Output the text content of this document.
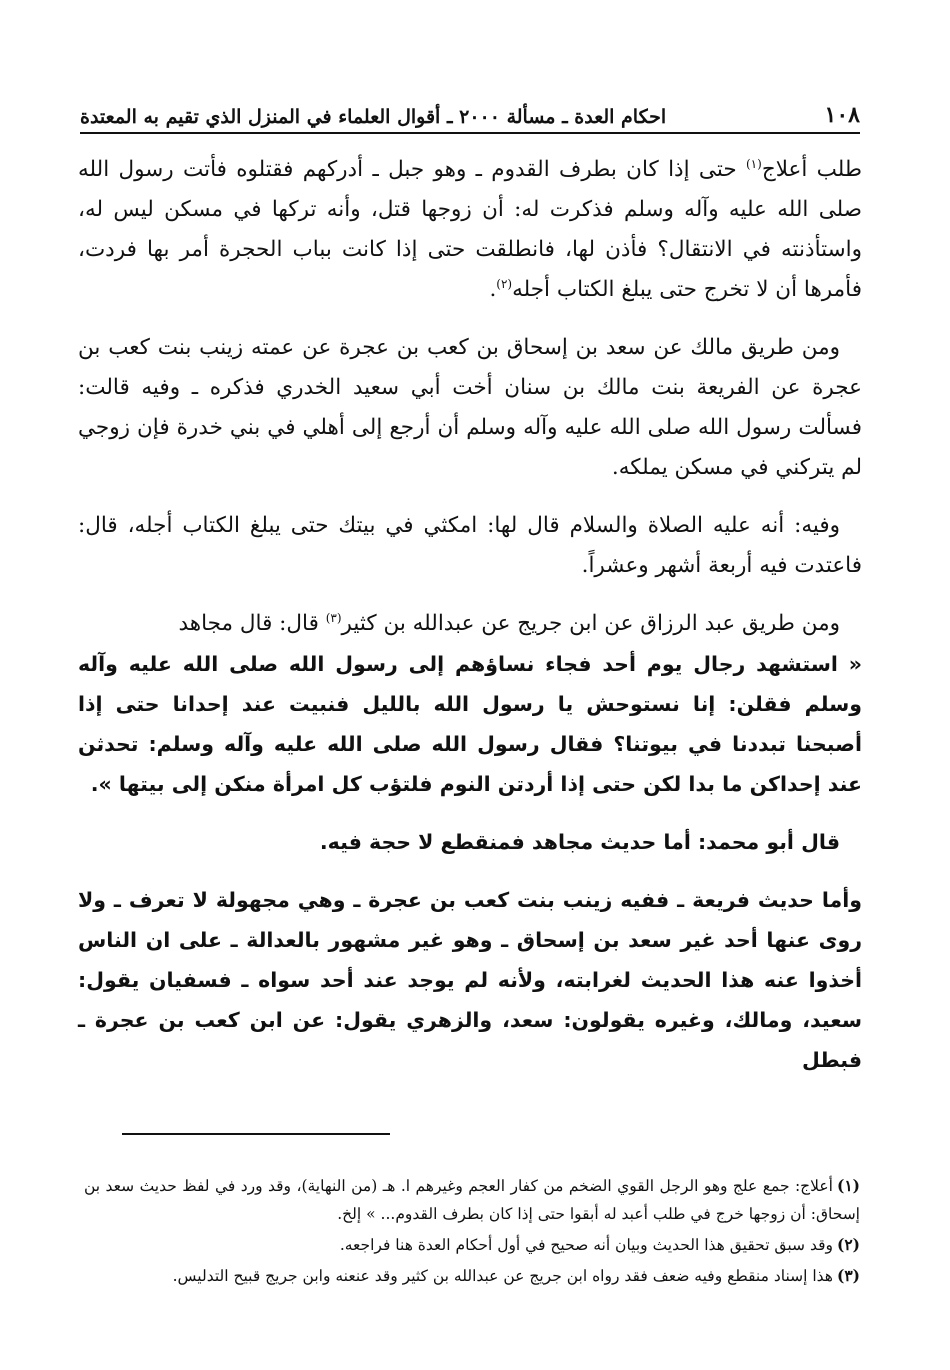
١٠٨
احكام العدة ـ مسألة ٢٠٠٠ ـ أقوال العلماء في المنزل الذي تقيم به المعتدة

طلب أعلاج$^{(١)}$ حتى إذا كان بطرف القدوم ـ وهو جبل ـ أدركهم فقتلوه فأتت رسول الله صلى الله عليه وآله وسلم فذكرت له: أن زوجها قتل، وأنه تركها في مسكن ليس له، واستأذنته في الانتقال؟ فأذن لها، فانطلقت حتى إذا كانت بباب الحجرة أمر بها فردت، فأمرها أن لا تخرج حتى يبلغ الكتاب أجله$^{(٢)}$.

ومن طريق مالك عن سعد بن إسحاق بن كعب بن عجرة عن عمته زينب بنت كعب بن عجرة عن الفريعة بنت مالك بن سنان أخت أبي سعيد الخدري فذكره ـ وفيه قالت: فسألت رسول الله صلى الله عليه وآله وسلم أن أرجع إلى أهلي في بني خدرة فإن زوجي لم يتركني في مسكن يملكه.

وفيه: أنه عليه الصلاة والسلام قال لها: امكثي في بيتك حتى يبلغ الكتاب أجله، قال: فاعتدت فيه أربعة أشهر وعشراً.

ومن طريق عبد الرزاق عن ابن جريج عن عبدالله بن كثير$^{(٣)}$ قال: قال مجاهد

« استشهد رجال يوم أحد فجاء نساؤهم إلى رسول الله صلى الله عليه وآله وسلم فقلن: إنا نستوحش يا رسول الله بالليل فنبيت عند إحدانا حتى إذا أصبحنا تبددنا في بيوتنا؟ فقال رسول الله صلى الله عليه وآله وسلم: تحدثن عند إحداكن ما بدا لكن حتى إذا أردتن النوم فلتؤب كل امرأة منكن إلى بيتها ».

قال أبو محمد: أما حديث مجاهد فمنقطع لا حجة فيه.

وأما حديث فريعة ـ ففيه زينب بنت كعب بن عجرة ـ وهي مجهولة لا تعرف ـ ولا روى عنها أحد غير سعد بن إسحاق ـ وهو غير مشهور بالعدالة ـ على ان الناس أخذوا عنه هذا الحديث لغرابته، ولأنه لم يوجد عند أحد سواه ـ فسفيان يقول: سعيد، ومالك، وغيره يقولون: سعد، والزهري يقول: عن ابن كعب بن عجرة ـ فبطل

(١)أعلاج: جمع علج وهو الرجل القوي الضخم من كفار العجم وغيرهم ا. هـ (من النهاية)، وقد ورد في لفظ حديث سعد بن إسحاق: أن زوجها خرج في طلب أعبد له أبقوا حتى إذا كان بطرف القدوم... » إلخ.

(٢)وقد سبق تحقيق هذا الحديث وبيان أنه صحيح في أول أحكام العدة هنا فراجعه.

(٣)هذا إسناد منقطع وفيه ضعف فقد رواه ابن جريج عن عبدالله بن كثير وقد عنعنه وابن جريج قبيح التدليس.
